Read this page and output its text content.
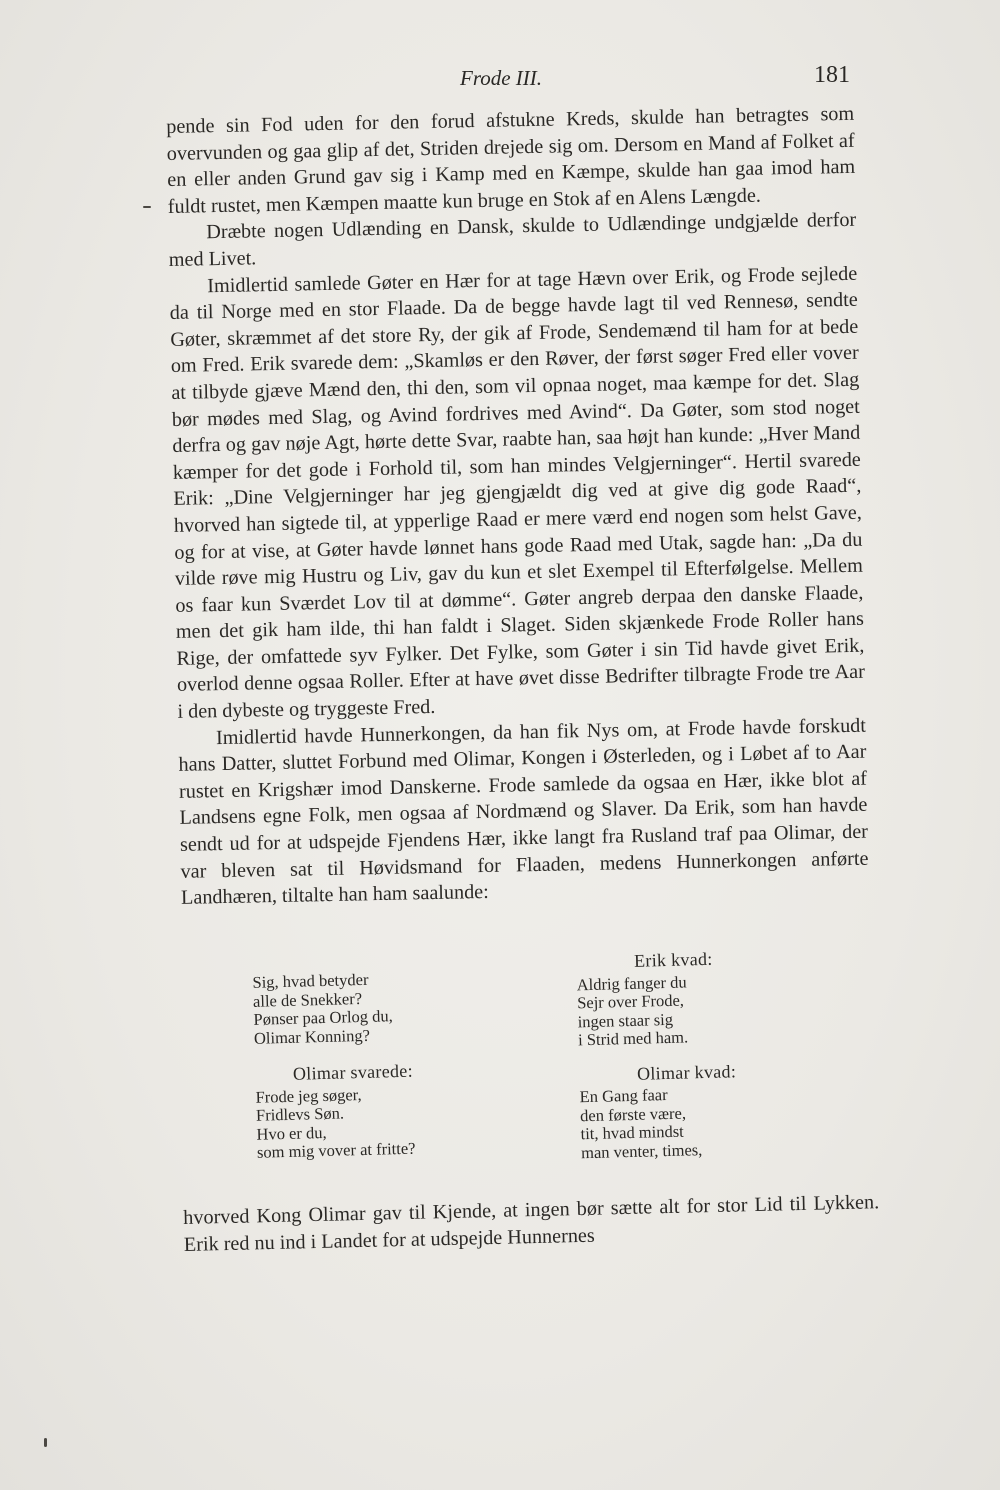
Frode III.	181

pende sin Fod uden for den forud afstukne Kreds, skulde han betragtes som overvunden og gaa glip af det, Striden drejede sig om. Dersom en Mand af Folket af en eller anden Grund gav sig i Kamp med en Kæmpe, skulde han gaa imod ham fuldt rustet, men Kæmpen maatte kun bruge en Stok af en Alens Længde.

Dræbte nogen Udlænding en Dansk, skulde to Udlændinge undgjælde derfor med Livet.

Imidlertid samlede Gøter en Hær for at tage Hævn over Erik, og Frode sejlede da til Norge med en stor Flaade. Da de begge havde lagt til ved Rennesø, sendte Gøter, skræmmet af det store Ry, der gik af Frode, Sendemænd til ham for at bede om Fred. Erik svarede dem: „Skamløs er den Røver, der først søger Fred eller vover at tilbyde gjæve Mænd den, thi den, som vil opnaa noget, maa kæmpe for det. Slag bør mødes med Slag, og Avind fordrives med Avind“. Da Gøter, som stod noget derfra og gav nøje Agt, hørte dette Svar, raabte han, saa højt han kunde: „Hver Mand kæmper for det gode i Forhold til, som han mindes Velgjerninger“. Hertil svarede Erik: „Dine Velgjerninger har jeg gjengjældt dig ved at give dig gode Raad“, hvorved han sigtede til, at ypperlige Raad er mere værd end nogen som helst Gave, og for at vise, at Gøter havde lønnet hans gode Raad med Utak, sagde han: „Da du vilde røve mig Hustru og Liv, gav du kun et slet Exempel til Efterfølgelse. Mellem os faar kun Sværdet Lov til at dømme“. Gøter angreb derpaa den danske Flaade, men det gik ham ilde, thi han faldt i Slaget. Siden skjænkede Frode Roller hans Rige, der omfattede syv Fylker. Det Fylke, som Gøter i sin Tid havde givet Erik, overlod denne ogsaa Roller. Efter at have øvet disse Bedrifter tilbragte Frode tre Aar i den dybeste og tryggeste Fred.

Imidlertid havde Hunnerkongen, da han fik Nys om, at Frode havde forskudt hans Datter, sluttet Forbund med Olimar, Kongen i Østerleden, og i Løbet af to Aar rustet en Krigshær imod Danskerne. Frode samlede da ogsaa en Hær, ikke blot af Landsens egne Folk, men ogsaa af Nordmænd og Slaver. Da Erik, som han havde sendt ud for at udspejde Fjendens Hær, ikke langt fra Rusland traf paa Olimar, der var bleven sat til Høvidsmand for Flaaden, medens Hunnerkongen anførte Landhæren, tiltalte han ham saalunde:

Sig, hvad betyder
alle de Snekker?
Pønser paa Orlog du,
Olimar Konning?
Olimar svarede:
Frode jeg søger,
Fridlevs Søn.
Hvo er du,
som mig vover at fritte?
Erik kvad:
Aldrig fanger du
Sejr over Frode,
ingen staar sig
i Strid med ham.
Olimar kvad:
En Gang faar
den første være,
tit, hvad mindst
man venter, times,

hvorved Kong Olimar gav til Kjende, at ingen bør sætte alt for stor Lid til Lykken. Erik red nu ind i Landet for at udspejde Hunnernes
